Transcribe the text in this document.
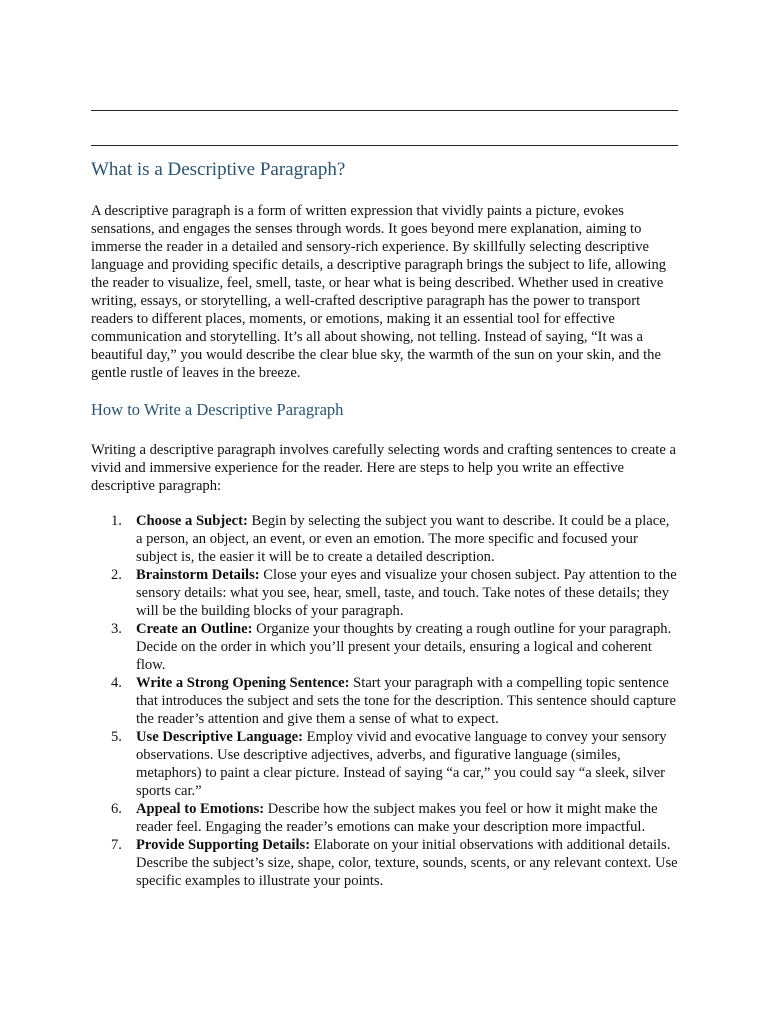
What is a Descriptive Paragraph?

A descriptive paragraph is a form of written expression that vividly paints a picture, evokes sensations, and engages the senses through words. It goes beyond mere explanation, aiming to immerse the reader in a detailed and sensory-rich experience. By skillfully selecting descriptive language and providing specific details, a descriptive paragraph brings the subject to life, allowing the reader to visualize, feel, smell, taste, or hear what is being described. Whether used in creative writing, essays, or storytelling, a well-crafted descriptive paragraph has the power to transport readers to different places, moments, or emotions, making it an essential tool for effective communication and storytelling. It’s all about showing, not telling. Instead of saying, “It was a beautiful day,” you would describe the clear blue sky, the warmth of the sun on your skin, and the gentle rustle of leaves in the breeze.

How to Write a Descriptive Paragraph

Writing a descriptive paragraph involves carefully selecting words and crafting sentences to create a vivid and immersive experience for the reader. Here are steps to help you write an effective descriptive paragraph:

1. Choose a Subject: Begin by selecting the subject you want to describe. It could be a place, a person, an object, an event, or even an emotion. The more specific and focused your subject is, the easier it will be to create a detailed description.
2. Brainstorm Details: Close your eyes and visualize your chosen subject. Pay attention to the sensory details: what you see, hear, smell, taste, and touch. Take notes of these details; they will be the building blocks of your paragraph.
3. Create an Outline: Organize your thoughts by creating a rough outline for your paragraph. Decide on the order in which you’ll present your details, ensuring a logical and coherent flow.
4. Write a Strong Opening Sentence: Start your paragraph with a compelling topic sentence that introduces the subject and sets the tone for the description. This sentence should capture the reader’s attention and give them a sense of what to expect.
5. Use Descriptive Language: Employ vivid and evocative language to convey your sensory observations. Use descriptive adjectives, adverbs, and figurative language (similes, metaphors) to paint a clear picture. Instead of saying “a car,” you could say “a sleek, silver sports car.”
6. Appeal to Emotions: Describe how the subject makes you feel or how it might make the reader feel. Engaging the reader’s emotions can make your description more impactful.
7. Provide Supporting Details: Elaborate on your initial observations with additional details. Describe the subject’s size, shape, color, texture, sounds, scents, or any relevant context. Use specific examples to illustrate your points.
